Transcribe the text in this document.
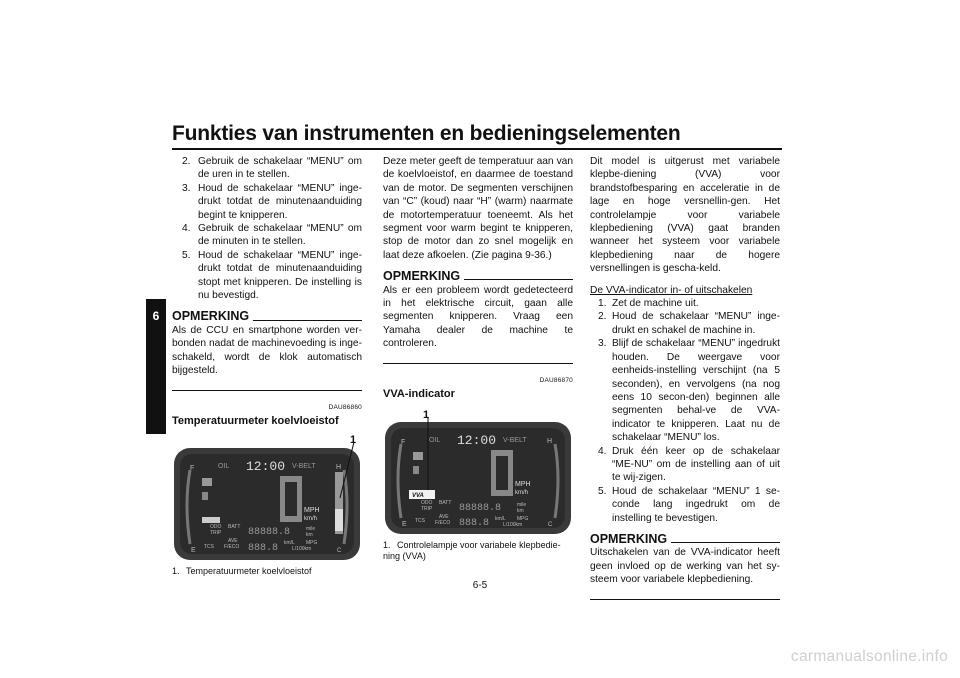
Funkties van instrumenten en bedieningselementen
6
2. Gebruik de schakelaar “MENU” om de uren in te stellen.
3. Houd de schakelaar “MENU” inge-drukt totdat de minutenaanduiding begint te knipperen.
4. Gebruik de schakelaar “MENU” om de minuten in te stellen.
5. Houd de schakelaar “MENU” inge-drukt totdat de minutenaanduiding stopt met knipperen. De instelling is nu bevestigd.
OPMERKING

Als de CCU en smartphone worden ver-bonden nadat de machinevoeding is inge-schakeld, wordt de klok automatisch bijgesteld.

DAU86860
Temperatuurmeter koelvloeistof
F
E
H
C
OIL 12:00 V-BELT
MPH
km/h
ODO
TRIP
BATT 88888.8	mile
km
AVE
F/ECO
TCS	888.8 km/L MPG
L/100km
1
1. Temperatuurmeter koelvloeistof

Deze meter geeft de temperatuur aan van de koelvloeistof, en daarmee de toestand van de motor. De segmenten verschijnen van “C” (koud) naar “H” (warm) naarmate de motortemperatuur toeneemt. Als het segment voor warm begint te knipperen, stop de motor dan zo snel mogelijk en laat deze afkoelen. (Zie pagina 9-36.)

OPMERKING

Als er een probleem wordt gedetecteerd in het elektrische circuit, gaan alle segmenten knipperen. Vraag een Yamaha dealer de machine te controleren.

DAU86870
VVA-indicator
F
E
H
C
OIL 12:00 V-BELT
MPH
km/h
VVA
ODO
TRIP
BATT 88888.8	mile
km
AVE
F/ECO
TCS	888.8 km/L MPG
L/100km
1
1. Controlelampje voor variabele klepbedie-ning (VVA)

Dit model is uitgerust met variabele klepbe-diening (VVA) voor brandstofbesparing en acceleratie in de lage en hoge versnellin-gen. Het controlelampje voor variabele klepbediening (VVA) gaat branden wanneer het systeem voor variabele klepbediening naar de hogere versnellingen is gescha-keld.

De VVA-indicator in- of uitschakelen
1. Zet de machine uit.
2. Houd de schakelaar “MENU” inge-drukt en schakel de machine in.
3. Blijf de schakelaar “MENU” ingedrukt houden. De weergave voor eenheids-instelling verschijnt (na 5 seconden), en vervolgens (na nog eens 10 secon-den) beginnen alle segmenten behal-ve de VVA-indicator te knipperen. Laat nu de schakelaar “MENU” los.
4. Druk één keer op de schakelaar “ME-NU” om de instelling aan of uit te wij-zigen.
5. Houd de schakelaar “MENU” 1 se-conde lang ingedrukt om de instelling te bevestigen.
OPMERKING

Uitschakelen van de VVA-indicator heeft geen invloed op de werking van het sy-steem voor variabele klepbediening.

6-5
carmanualsonline.info
